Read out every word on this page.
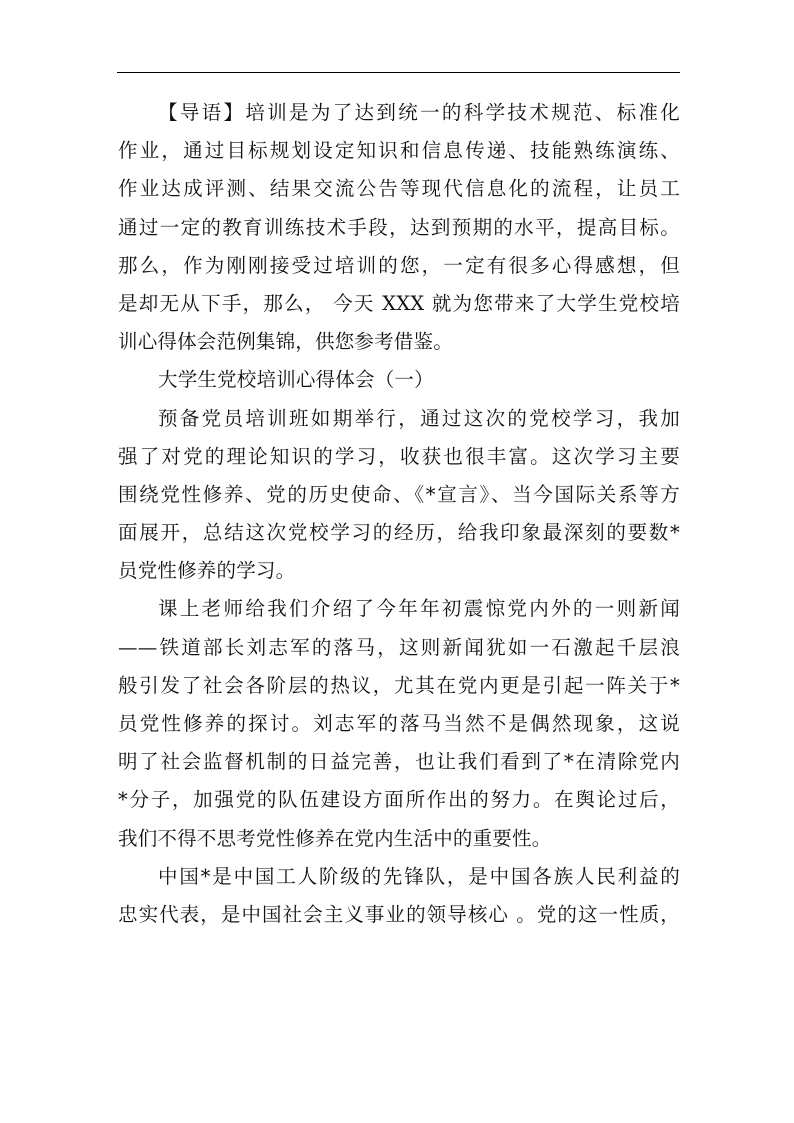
【导语】培训是为了达到统一的科学技术规范、标准化
作业，通过目标规划设定知识和信息传递、技能熟练演练、
作业达成评测、结果交流公告等现代信息化的流程，让员工
通过一定的教育训练技术手段，达到预期的水平，提高目标。
那么，作为刚刚接受过培训的您，一定有很多心得感想，但
是却无从下手，那么， 今天 XXX 就为您带来了大学生党校培
训心得体会范例集锦，供您参考借鉴。
大学生党校培训心得体会（一）
预备党员培训班如期举行，通过这次的党校学习，我加
强了对党的理论知识的学习，收获也很丰富。这次学习主要
围绕党性修养、党的历史使命、《*宣言》、当今国际关系等方
面展开，总结这次党校学习的经历，给我印象最深刻的要数*
员党性修养的学习。
课上老师给我们介绍了今年年初震惊党内外的一则新闻
——铁道部长刘志军的落马，这则新闻犹如一石激起千层浪
般引发了社会各阶层的热议，尤其在党内更是引起一阵关于*
员党性修养的探讨。刘志军的落马当然不是偶然现象，这说
明了社会监督机制的日益完善，也让我们看到了*在清除党内
*分子，加强党的队伍建设方面所作出的努力。在舆论过后，
我们不得不思考党性修养在党内生活中的重要性。
中国*是中国工人阶级的先锋队，是中国各族人民利益的
忠实代表，是中国社会主义事业的领导核心 。党的这一性质，
